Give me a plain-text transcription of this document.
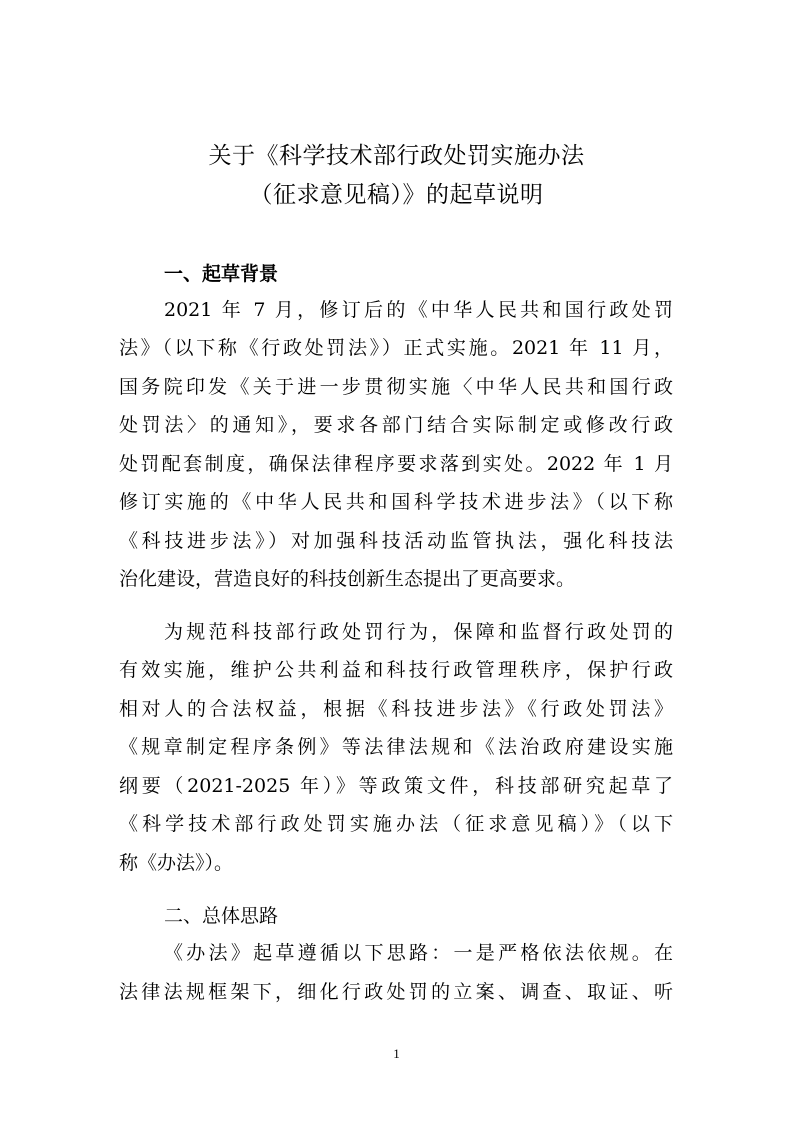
关于《科学技术部行政处罚实施办法
（征求意见稿）》的起草说明
一、起草背景
2021 年 7 月，修订后的《中华人民共和国行政处罚
法》（以下称《行政处罚法》）正式实施。2021 年 11 月，
国务院印发《关于进一步贯彻实施〈中华人民共和国行政
处罚法〉的通知》，要求各部门结合实际制定或修改行政
处罚配套制度，确保法律程序要求落到实处。2022 年 1 月
修订实施的《中华人民共和国科学技术进步法》（以下称
《科技进步法》）对加强科技活动监管执法，强化科技法
治化建设，营造良好的科技创新生态提出了更高要求。
为规范科技部行政处罚行为，保障和监督行政处罚的
有效实施，维护公共利益和科技行政管理秩序，保护行政
相对人的合法权益，根据《科技进步法》《行政处罚法》
《规章制定程序条例》等法律法规和《法治政府建设实施
纲要（2021-2025 年）》等政策文件，科技部研究起草了
《科学技术部行政处罚实施办法（征求意见稿）》（以下
称《办法》）。
二、总体思路
《办法》起草遵循以下思路：一是严格依法依规。在
法律法规框架下，细化行政处罚的立案、调查、取证、听
1
